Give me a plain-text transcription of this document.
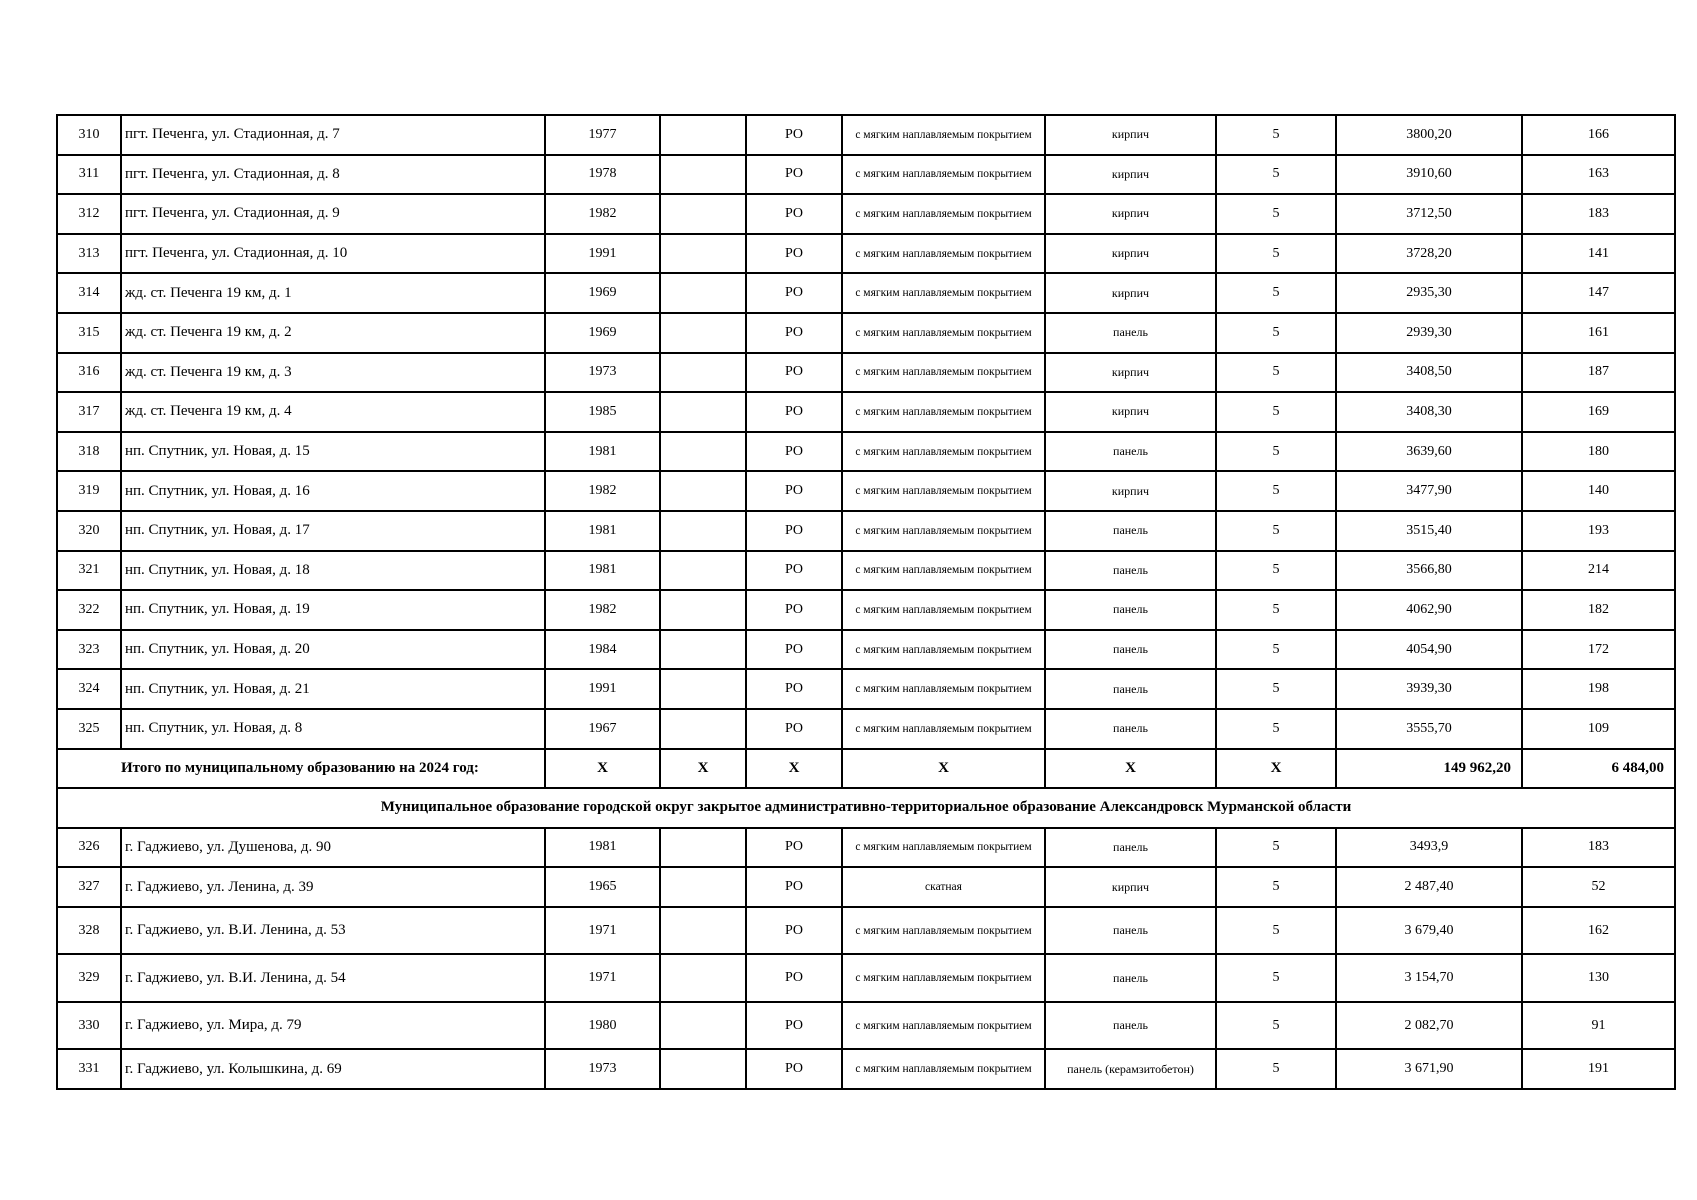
310	пгт. Печенга, ул. Стадионная, д. 7	1977		РО	с мягким наплавляемым покрытием	кирпич	5	3800,20	166
311	пгт. Печенга, ул. Стадионная, д. 8	1978		РО	с мягким наплавляемым покрытием	кирпич	5	3910,60	163
312	пгт. Печенга, ул. Стадионная, д. 9	1982		РО	с мягким наплавляемым покрытием	кирпич	5	3712,50	183
313	пгт. Печенга, ул. Стадионная, д. 10	1991		РО	с мягким наплавляемым покрытием	кирпич	5	3728,20	141
314	жд. ст. Печенга 19 км, д. 1	1969		РО	с мягким наплавляемым покрытием	кирпич	5	2935,30	147
315	жд. ст. Печенга 19 км, д. 2	1969		РО	с мягким наплавляемым покрытием	панель	5	2939,30	161
316	жд. ст. Печенга 19 км, д. 3	1973		РО	с мягким наплавляемым покрытием	кирпич	5	3408,50	187
317	жд. ст. Печенга 19 км, д. 4	1985		РО	с мягким наплавляемым покрытием	кирпич	5	3408,30	169
318	нп. Спутник, ул. Новая, д. 15	1981		РО	с мягким наплавляемым покрытием	панель	5	3639,60	180
319	нп. Спутник, ул. Новая, д. 16	1982		РО	с мягким наплавляемым покрытием	кирпич	5	3477,90	140
320	нп. Спутник, ул. Новая, д. 17	1981		РО	с мягким наплавляемым покрытием	панель	5	3515,40	193
321	нп. Спутник, ул. Новая, д. 18	1981		РО	с мягким наплавляемым покрытием	панель	5	3566,80	214
322	нп. Спутник, ул. Новая, д. 19	1982		РО	с мягким наплавляемым покрытием	панель	5	4062,90	182
323	нп. Спутник, ул. Новая, д. 20	1984		РО	с мягким наплавляемым покрытием	панель	5	4054,90	172
324	нп. Спутник, ул. Новая, д. 21	1991		РО	с мягким наплавляемым покрытием	панель	5	3939,30	198
325	нп. Спутник, ул. Новая, д. 8	1967		РО	с мягким наплавляемым покрытием	панель	5	3555,70	109
Итого по муниципальному образованию на 2024 год:		Х	Х	Х	Х	Х	Х	149 962,20	6 484,00
Муниципальное образование городской округ закрытое административно-территориальное образование Александровск Мурманской области									
326	г. Гаджиево, ул. Душенова, д. 90	1981		РО	с мягким наплавляемым покрытием	панель	5	3493,9	183
327	г. Гаджиево, ул. Ленина, д. 39	1965		РО	скатная	кирпич	5	2 487,40	52
328	г. Гаджиево, ул. В.И. Ленина, д. 53	1971		РО	с мягким наплавляемым покрытием	панель	5	3 679,40	162
329	г. Гаджиево, ул. В.И. Ленина, д. 54	1971		РО	с мягким наплавляемым покрытием	панель	5	3 154,70	130
330	г. Гаджиево, ул. Мира, д. 79	1980		РО	с мягким наплавляемым покрытием	панель	5	2 082,70	91
331	г. Гаджиево, ул. Колышкина, д. 69	1973		РО	с мягким наплавляемым покрытием	панель (керамзитобетон)	5	3 671,90	191
